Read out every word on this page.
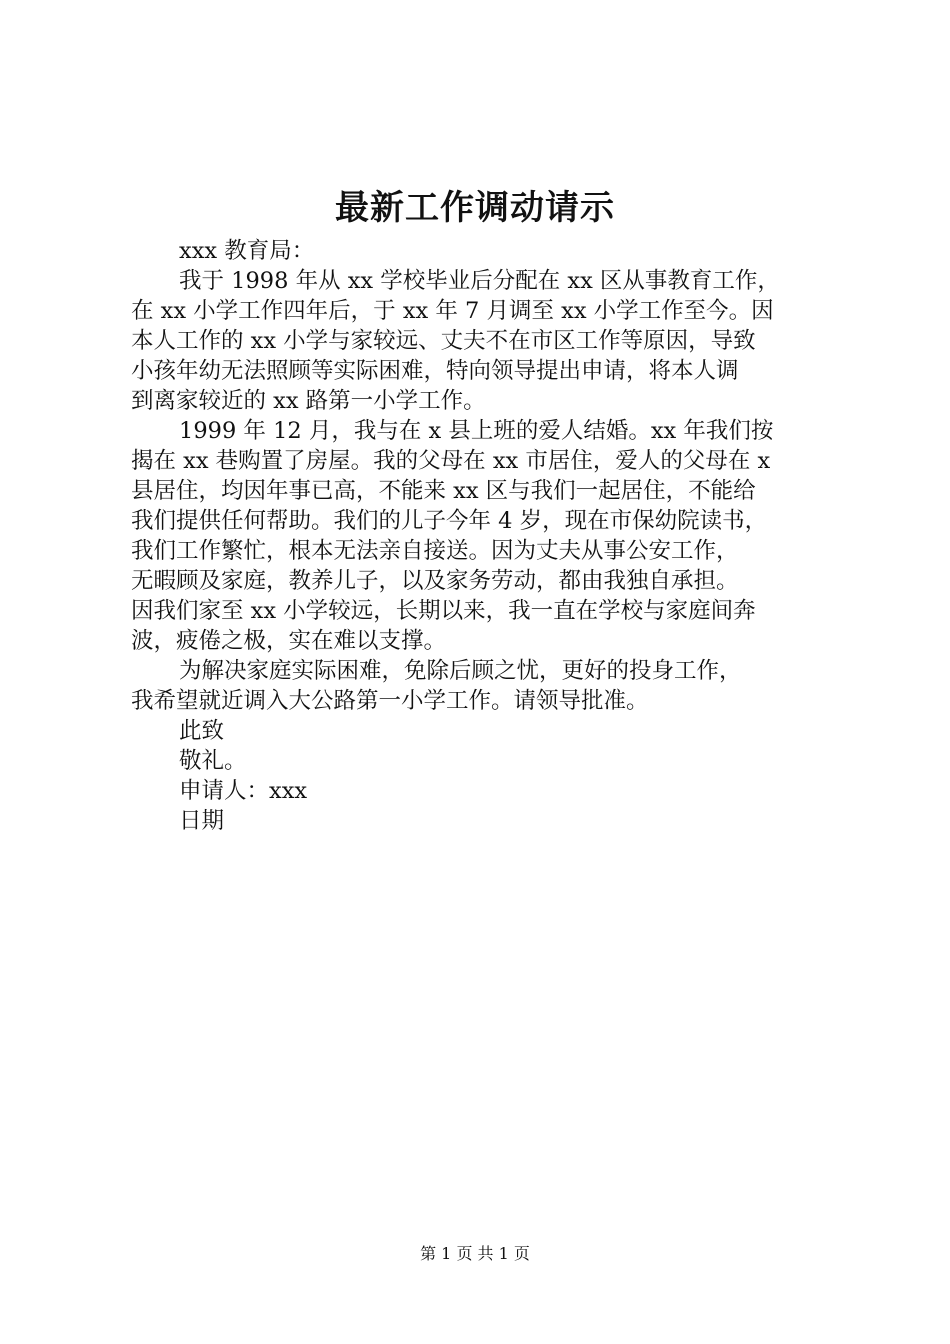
最新工作调动请示
xxx 教育局：
我于 1998 年从 xx 学校毕业后分配在 xx 区从事教育工作，
在 xx 小学工作四年后，于 xx 年 7 月调至 xx 小学工作至今。因
本人工作的 xx 小学与家较远、丈夫不在市区工作等原因，导致
小孩年幼无法照顾等实际困难，特向领导提出申请，将本人调
到离家较近的 xx 路第一小学工作。
1999 年 12 月，我与在 x 县上班的爱人结婚。xx 年我们按
揭在 xx 巷购置了房屋。我的父母在 xx 市居住，爱人的父母在 x
县居住，均因年事已高，不能来 xx 区与我们一起居住，不能给
我们提供任何帮助。我们的儿子今年 4 岁，现在市保幼院读书，
我们工作繁忙，根本无法亲自接送。因为丈夫从事公安工作，
无暇顾及家庭，教养儿子，以及家务劳动，都由我独自承担。
因我们家至 xx 小学较远，长期以来，我一直在学校与家庭间奔
波，疲倦之极，实在难以支撑。
为解决家庭实际困难，免除后顾之忧，更好的投身工作，
我希望就近调入大公路第一小学工作。请领导批准。
此致
敬礼。
申请人：xxx
日期
第 1 页 共 1 页
